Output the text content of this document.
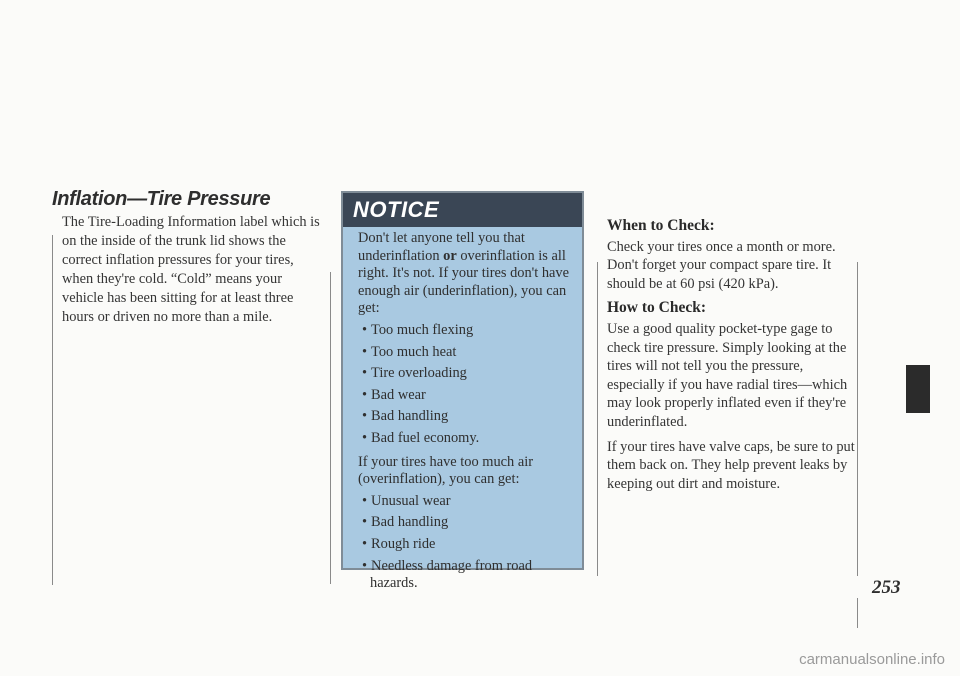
Inflation—Tire Pressure
The Tire-Loading Information label which is on the inside of the trunk lid shows the correct inflation pressures for your tires, when they're cold. “Cold” means your vehicle has been sitting for at least three hours or driven no more than a mile.
NOTICE

Don't let anyone tell you that underinflation or overinflation is all right. It's not. If your tires don't have enough air (underinflation), you can get:

• Too much flexing
• Too much heat
• Tire overloading
• Bad wear
• Bad handling
• Bad fuel economy.

If your tires have too much air (overinflation), you can get:

• Unusual wear
• Bad handling
• Rough ride
• Needless damage from road hazards.
When to Check:

Check your tires once a month or more. Don't forget your compact spare tire. It should be at 60 psi (420 kPa).

How to Check:

Use a good quality pocket-type gage to check tire pressure. Simply looking at the tires will not tell you the pressure, especially if you have radial tires—which may look properly inflated even if they're underinflated.

If your tires have valve caps, be sure to put them back on. They help prevent leaks by keeping out dirt and moisture.

253
carmanualsonline.info
